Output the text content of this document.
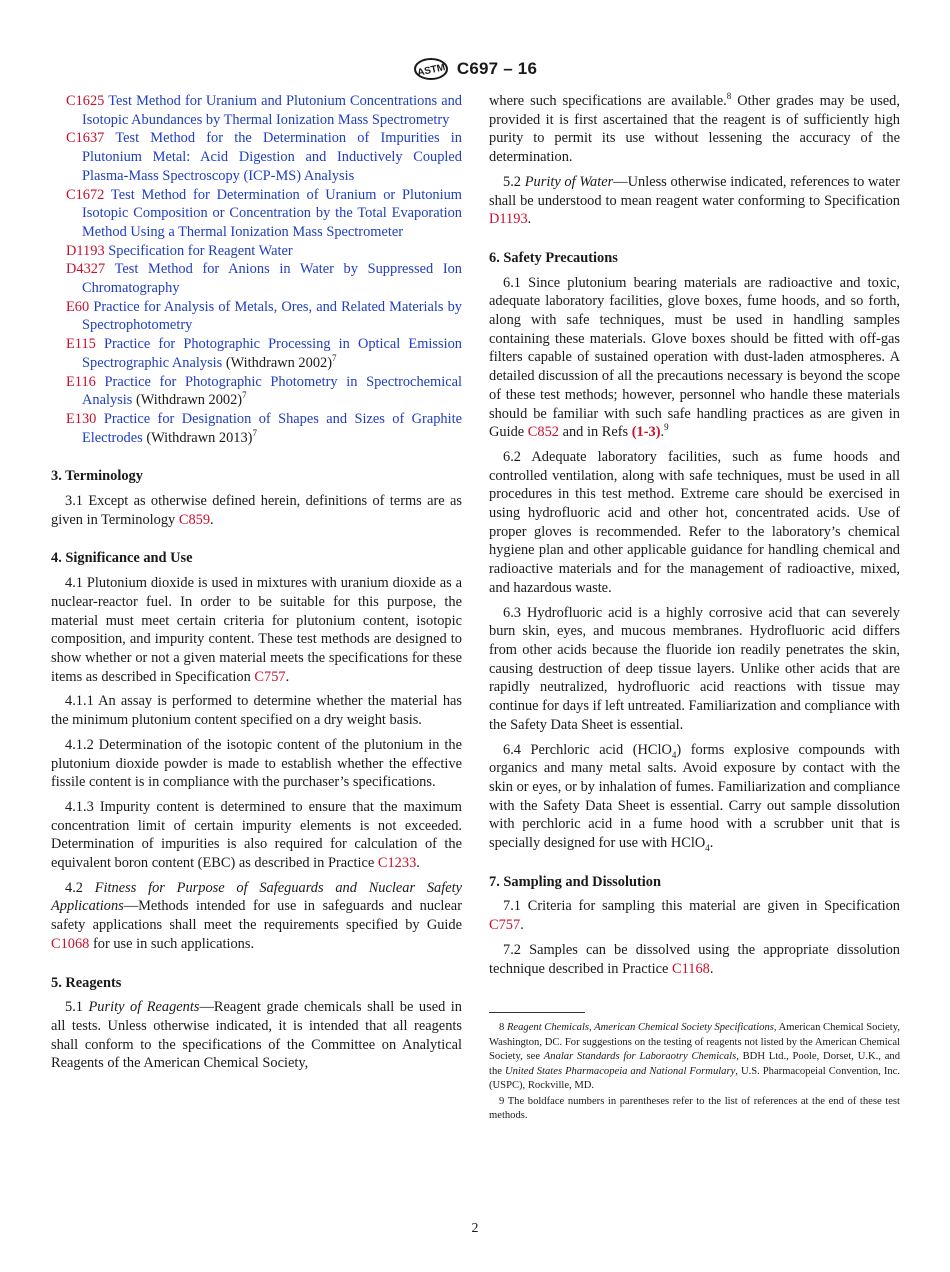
ASTM C697 – 16
C1625 Test Method for Uranium and Plutonium Concentrations and Isotopic Abundances by Thermal Ionization Mass Spectrometry
C1637 Test Method for the Determination of Impurities in Plutonium Metal: Acid Digestion and Inductively Coupled Plasma-Mass Spectroscopy (ICP-MS) Analysis
C1672 Test Method for Determination of Uranium or Plutonium Isotopic Composition or Concentration by the Total Evaporation Method Using a Thermal Ionization Mass Spectrometer
D1193 Specification for Reagent Water
D4327 Test Method for Anions in Water by Suppressed Ion Chromatography
E60 Practice for Analysis of Metals, Ores, and Related Materials by Spectrophotometry
E115 Practice for Photographic Processing in Optical Emission Spectrographic Analysis (Withdrawn 2002)$^7$
E116 Practice for Photographic Photometry in Spectrochemical Analysis (Withdrawn 2002)$^7$
E130 Practice for Designation of Shapes and Sizes of Graphite Electrodes (Withdrawn 2013)$^7$
3. Terminology

3.1 Except as otherwise defined herein, definitions of terms are as given in Terminology C859.

4. Significance and Use

4.1 Plutonium dioxide is used in mixtures with uranium dioxide as a nuclear-reactor fuel. In order to be suitable for this purpose, the material must meet certain criteria for plutonium content, isotopic composition, and impurity content. These test methods are designed to show whether or not a given material meets the specifications for these items as described in Specification C757.

4.1.1 An assay is performed to determine whether the material has the minimum plutonium content specified on a dry weight basis.

4.1.2 Determination of the isotopic content of the plutonium in the plutonium dioxide powder is made to establish whether the effective fissile content is in compliance with the purchaser’s specifications.

4.1.3 Impurity content is determined to ensure that the maximum concentration limit of certain impurity elements is not exceeded. Determination of impurities is also required for calculation of the equivalent boron content (EBC) as described in Practice C1233.

4.2 Fitness for Purpose of Safeguards and Nuclear Safety Applications—Methods intended for use in safeguards and nuclear safety applications shall meet the requirements specified by Guide C1068 for use in such applications.

5. Reagents

5.1 Purity of Reagents—Reagent grade chemicals shall be used in all tests. Unless otherwise indicated, it is intended that all reagents shall conform to the specifications of the Committee on Analytical Reagents of the American Chemical Society,

where such specifications are available.$^8$ Other grades may be used, provided it is first ascertained that the reagent is of sufficiently high purity to permit its use without lessening the accuracy of the determination.

5.2 Purity of Water—Unless otherwise indicated, references to water shall be understood to mean reagent water conforming to Specification D1193.

6. Safety Precautions

6.1 Since plutonium bearing materials are radioactive and toxic, adequate laboratory facilities, glove boxes, fume hoods, and so forth, along with safe techniques, must be used in handling samples containing these materials. Glove boxes should be fitted with off-gas filters capable of sustained operation with dust-laden atmospheres. A detailed discussion of all the precautions necessary is beyond the scope of these test methods; however, personnel who handle these materials should be familiar with such safe handling practices as are given in Guide C852 and in Refs (1-3).$^9$

6.2 Adequate laboratory facilities, such as fume hoods and controlled ventilation, along with safe techniques, must be used in all procedures in this test method. Extreme care should be exercised in using hydrofluoric acid and other hot, concentrated acids. Use of proper gloves is recommended. Refer to the laboratory’s chemical hygiene plan and other applicable guidance for handling chemical and radioactive materials and for the management of radioactive, mixed, and hazardous waste.

6.3 Hydrofluoric acid is a highly corrosive acid that can severely burn skin, eyes, and mucous membranes. Hydrofluoric acid differs from other acids because the fluoride ion readily penetrates the skin, causing destruction of deep tissue layers. Unlike other acids that are rapidly neutralized, hydrofluoric acid reactions with tissue may continue for days if left untreated. Familiarization and compliance with the Safety Data Sheet is essential.

6.4 Perchloric acid (HClO$_4$) forms explosive compounds with organics and many metal salts. Avoid exposure by contact with the skin or eyes, or by inhalation of fumes. Familiarization and compliance with the Safety Data Sheet is essential. Carry out sample dissolution with perchloric acid in a fume hood with a scrubber unit that is specially designed for use with HClO$_4$.

7. Sampling and Dissolution

7.1 Criteria for sampling this material are given in Specification C757.

7.2 Samples can be dissolved using the appropriate dissolution technique described in Practice C1168.

8 Reagent Chemicals, American Chemical Society Specifications, American Chemical Society, Washington, DC. For suggestions on the testing of reagents not listed by the American Chemical Society, see Analar Standards for Laboraotry Chemicals, BDH Ltd., Poole, Dorset, U.K., and the United States Pharmacopeia and National Formulary, U.S. Pharmacopeial Convention, Inc. (USPC), Rockville, MD.
9 The boldface numbers in parentheses refer to the list of references at the end of these test methods.
2
